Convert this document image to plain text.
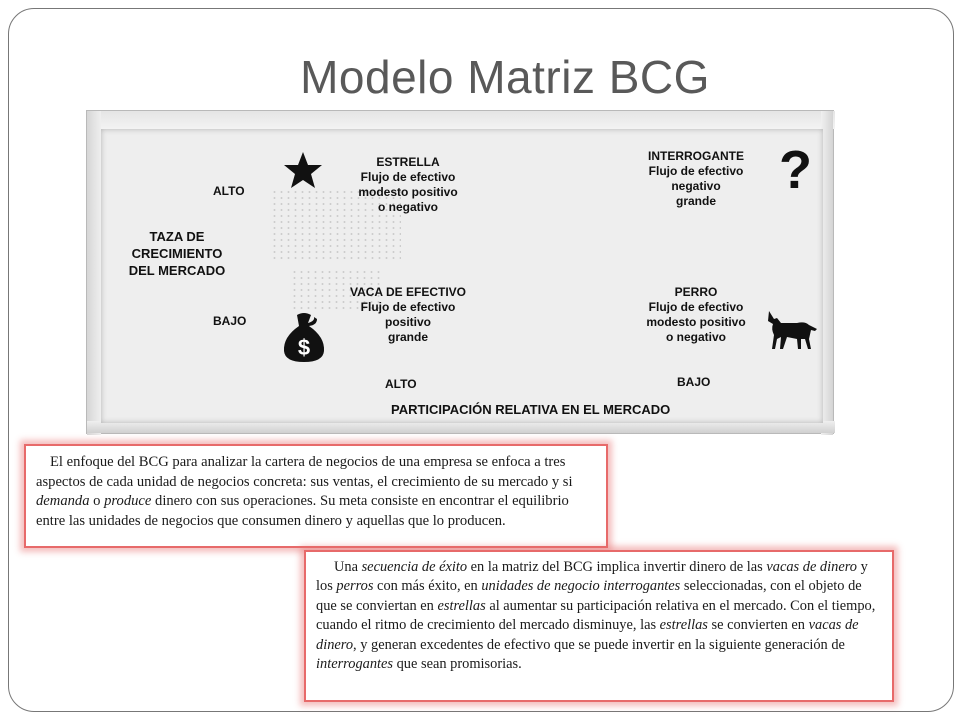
Modelo Matriz BCG
ALTO
TAZA DE
CRECIMIENTO
DEL MERCADO
BAJO
ESTRELLA
Flujo de efectivo
modesto positivo
o negativo
INTERROGANTE
Flujo de efectivo
negativo
grande
?
VACA DE EFECTIVO
Flujo de efectivo
positivo
grande
$
PERRO
Flujo de efectivo
modesto positivo
o negativo
ALTO	BAJO
PARTICIPACIÓN RELATIVA EN EL MERCADO

El enfoque del BCG para analizar la cartera de negocios de una empresa se enfoca a tres aspectos de cada unidad de negocios concreta: sus ventas, el crecimiento de su mercado y si demanda o produce dinero con sus operaciones. Su meta consiste en encontrar el equilibrio entre las unidades de negocios que consumen dinero y aquellas que lo producen.

Una secuencia de éxito en la matriz del BCG implica invertir dinero de las vacas de dinero y los perros con más éxito, en unidades de negocio interrogantes seleccionadas, con el objeto de que se conviertan en estrellas al aumentar su participación relativa en el mercado. Con el tiempo, cuando el ritmo de crecimiento del mercado disminuye, las estrellas se convierten en vacas de dinero, y generan excedentes de efectivo que se puede invertir en la siguiente generación de interrogantes que sean promisorias.
